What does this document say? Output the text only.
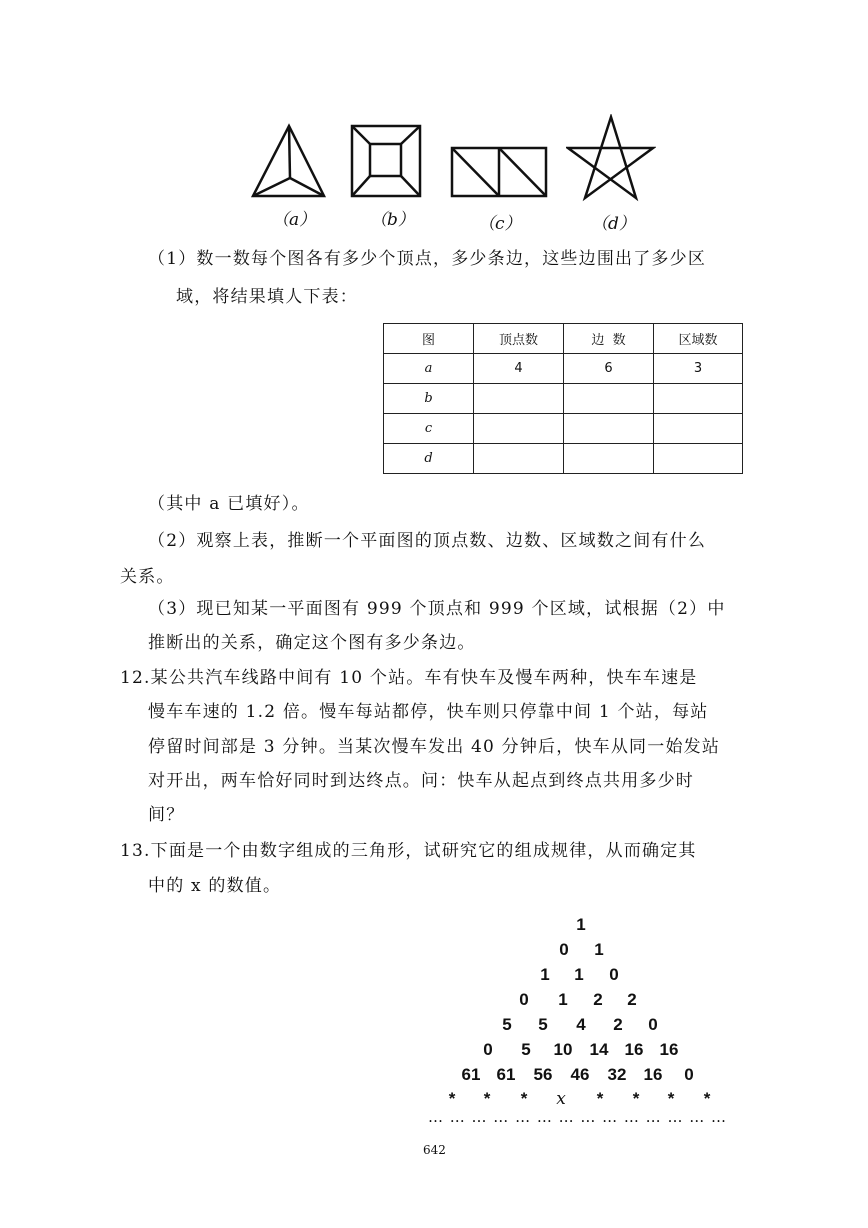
（a）	（b）	（c）	（d）
（1）数一数每个图各有多少个顶点，多少条边，这些边围出了多少区
域，将结果填人下表：
图	顶点数	边  数	区域数
a	4	6	3
b			
c			
d			
（其中 a 已填好）。
（2）观察上表，推断一个平面图的顶点数、边数、区域数之间有什么
关系。
（3）现已知某一平面图有 999 个顶点和 999 个区域，试根据（2）中
推断出的关系，确定这个图有多少条边。
12.某公共汽车线路中间有 10 个站。车有快车及慢车两种，快车车速是
慢车车速的 1.2 倍。慢车每站都停，快车则只停靠中间 1 个站，每站
停留时间部是 3 分钟。当某次慢车发出 40 分钟后，快车从同一始发站
对开出，两车恰好同时到达终点。问：快车从起点到终点共用多少时
间？
13.下面是一个由数字组成的三角形，试研究它的组成规律，从而确定其
中的 x 的数值。
1
0 1
1 1 0
0 1 2 2
5 5 4 2 0
0 5 10 14 16 16
61 61 56 46 32 16 0
* * * x * * * *
… … … … … … … … … … … … … …
642
